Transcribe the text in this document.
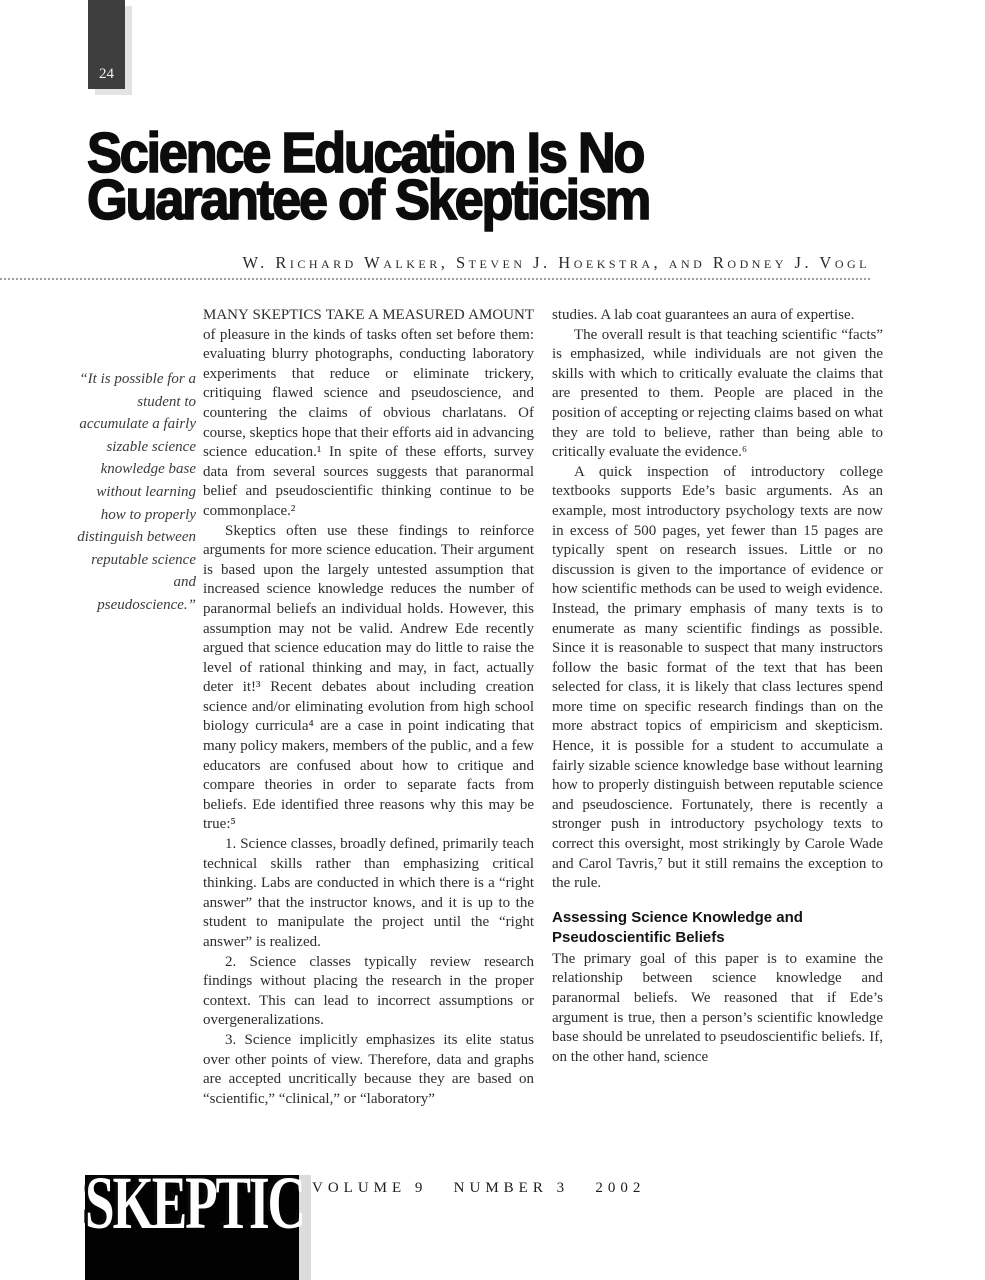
24
Science Education Is No
Guarantee of Skepticism
W. Richard Walker, Steven J. Hoekstra, and Rodney J. Vogl
“It is possible for a student to accumulate a fairly sizable science knowledge base without learning how to properly distinguish between reputable science and pseudoscience.”

MANY SKEPTICS TAKE A MEASURED AMOUNT of pleasure in the kinds of tasks often set before them: evaluating blurry photographs, conducting laboratory experiments that reduce or eliminate trickery, critiquing flawed science and pseudoscience, and countering the claims of obvious charlatans. Of course, skeptics hope that their efforts aid in advancing science education.¹ In spite of these efforts, survey data from several sources suggests that paranormal belief and pseudoscientific thinking continue to be commonplace.²

Skeptics often use these findings to reinforce arguments for more science education. Their argument is based upon the largely untested assumption that increased science knowledge reduces the number of paranormal beliefs an individual holds. However, this assumption may not be valid. Andrew Ede recently argued that science education may do little to raise the level of rational thinking and may, in fact, actually deter it!³ Recent debates about including creation science and/or eliminating evolution from high school biology curricula⁴ are a case in point indicating that many policy makers, members of the public, and a few educators are confused about how to critique and compare theories in order to separate facts from beliefs. Ede identified three reasons why this may be true:⁵

1. Science classes, broadly defined, primarily teach technical skills rather than emphasizing critical thinking. Labs are conducted in which there is a “right answer” that the instructor knows, and it is up to the student to manipulate the project until the “right answer” is realized.

2. Science classes typically review research findings without placing the research in the proper context. This can lead to incorrect assumptions or overgeneralizations.

3. Science implicitly emphasizes its elite status over other points of view. Therefore, data and graphs are accepted uncritically because they are based on “scientific,” “clinical,” or “laboratory”

studies. A lab coat guarantees an aura of expertise.

The overall result is that teaching scientific “facts” is emphasized, while individuals are not given the skills with which to critically evaluate the claims that are presented to them. People are placed in the position of accepting or rejecting claims based on what they are told to believe, rather than being able to critically evaluate the evidence.⁶

A quick inspection of introductory college textbooks supports Ede’s basic arguments. As an example, most introductory psychology texts are now in excess of 500 pages, yet fewer than 15 pages are typically spent on research issues. Little or no discussion is given to the importance of evidence or how scientific methods can be used to weigh evidence. Instead, the primary emphasis of many texts is to enumerate as many scientific findings as possible. Since it is reasonable to suspect that many instructors follow the basic format of the text that has been selected for class, it is likely that class lectures spend more time on specific research findings than on the more abstract topics of empiricism and skepticism. Hence, it is possible for a student to accumulate a fairly sizable science knowledge base without learning how to properly distinguish between reputable science and pseudoscience. Fortunately, there is recently a stronger push in introductory psychology texts to correct this oversight, most strikingly by Carole Wade and Carol Tavris,⁷ but it still remains the exception to the rule.

Assessing Science Knowledge and Pseudoscientific Beliefs

The primary goal of this paper is to examine the relationship between science knowledge and paranormal beliefs. We reasoned that if Ede’s argument is true, then a person’s scientific knowledge base should be unrelated to pseudoscientific beliefs. If, on the other hand, science

SKEPTIC VOLUME 9   NUMBER 3   2002
